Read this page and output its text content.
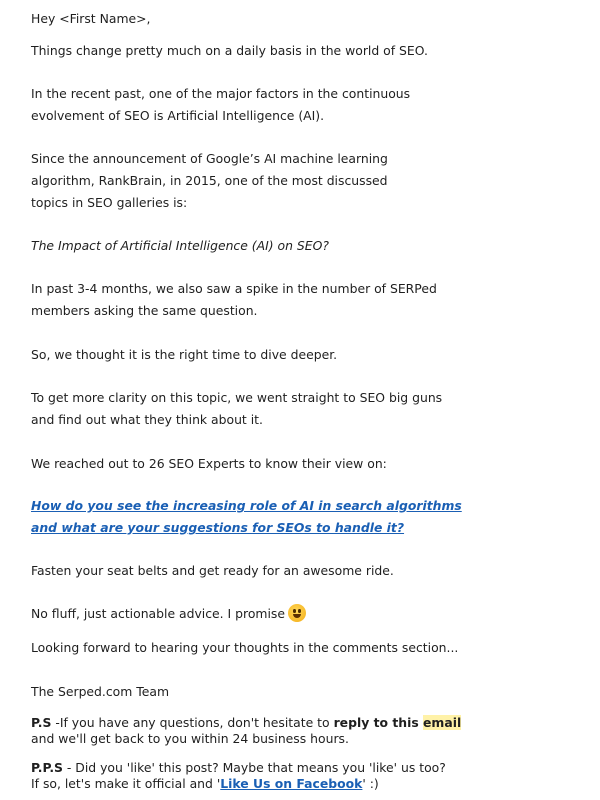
Hey <First Name>,
Things change pretty much on a daily basis in the world of SEO.
In the recent past, one of the major factors in the continuous
evolvement of SEO is Artificial Intelligence (AI).
Since the announcement of Google’s AI machine learning
algorithm, RankBrain, in 2015, one of the most discussed
topics in SEO galleries is:
The Impact of Artificial Intelligence (AI) on SEO?
In past 3-4 months, we also saw a spike in the number of SERPed
members asking the same question.
So, we thought it is the right time to dive deeper.
To get more clarity on this topic, we went straight to SEO big guns
and find out what they think about it.
We reached out to 26 SEO Experts to know their view on:
How do you see the increasing role of AI in search algorithms
and what are your suggestions for SEOs to handle it?
Fasten your seat belts and get ready for an awesome ride.
No fluff, just actionable advice. I promise
Looking forward to hearing your thoughts in the comments section...
The Serped.com Team
P.S -If you have any questions, don't hesitate to reply to this email
and we'll get back to you within 24 business hours.
P.P.S - Did you 'like' this post? Maybe that means you 'like' us too?
If so, let's make it official and 'Like Us on Facebook' :)
